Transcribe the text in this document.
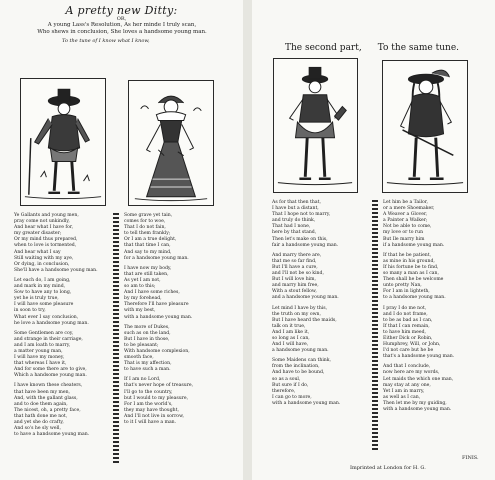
A pretty new Ditty:
OR,
A young Lass's Resolution, As her minde I truly scan,
Who shews in conclusion, She loves a handsome young man.
To the tune of I know what I know,
Ye Gallants and young men,
pray come not unkindly,
And hear what I have for,
my greater disaster;
Or my mind thus prepared,
when to love is tormented,
And hear what I say
Still waiting with my aye,
Or dying, in conclusion,
She'll have a handsome young man.
Let each do, I am going,
and mark in my mind,
Sow to have any to long,
yet he is truly true,
I will have some pleasure
in soon to try,
What ever I say conclusion,
he love a handsome young man.
Some Gentlemen are coy,
and strange in their carriage,
and I am loath to marry,
a matter young man,
I will have my money,
that whereas I have it,
And for some there are to give,
Which a handsome young man.
I have known these cheaters,
that have been my men,
And, with the gallant glass,
and to doe them again,
The nicest, oh, a pretty face,
that hath done me not,
and yet she do crafty,
And so's he sly well,
to have a handsome young man.
Some grave yet tain,
comes for to woe,
That I do not fain,
to tell them frankly;
Or I am a true delight,
that that time I can,
And say to my mind,
for a handsome young man.
I have now my body,
that are still taken,
As yet I am not,
so am to this;
And I have some riches,
by my forehead,
Therefore I'll have pleasure
with my best,
with a handsome young man.
The more of Dukes,
such as on the land,
But I have in those,
to be pleasant;
With handsome complexion,
smooth face,
That is my affection,
to have such a man.
If I am no Lord,
that's never hope of treasure,
I'll go to the country,
but I would to my pleasure,
For I am the world's,
they may have thought,
And I'll not live in sorrow,
to it I will have a man.
The second part, To the same tune.
As for that then that,
I have but a distant,
That I hope not to marry,
and truly do think,
That had I none,
here by that stand,
Then let's make on this,
fair a handsome young man.
And marry there are,
that me so far find,
But I'll have a cure,
and I'll not be so kind,
But I will love him,
and marry him free,
With a stout fellow,
and a handsome young man.
Let mind I have by this,
the truth on my own,
But I have heard the maids,
talk on it true,
And I am like it,
so long as I can,
And I will have,
a handsome young man.
Some Maidens can think,
from the inclination,
And have to be bound,
so as a soul,
But sure if I do,
therefore,
I can go to more,
with a handsome young man.
Let him be a Tailor,
or a mere Shoemaker,
A Weaver a Glover,
a Painter a Walker;
Not be able to come,
my love or to run
But Ile marry him
if a handsome young man.
If that he be patient,
as mine in his ground,
If his fortune be to find,
so many a man as I can,
Then shall he be welcome
unto pretty Nan,
For I am in lighteth,
to a handsome young man.
I pray I do me not,
and I do not frame,
to be as bad as I can,
If that I can remain,
to have him meed,
Either Dick or Robin,
Humphrey, Will, or John,
I'd not care but he be
that's a handsome young man.
And that I conclude,
now here are my words,
Let maids the which one man,
may stay at any one,
Yet I am in marry,
as well as I can,
Then let me by my guiding,
with a handsome young man.
FINIS.
Imprinted at London for H. G.
